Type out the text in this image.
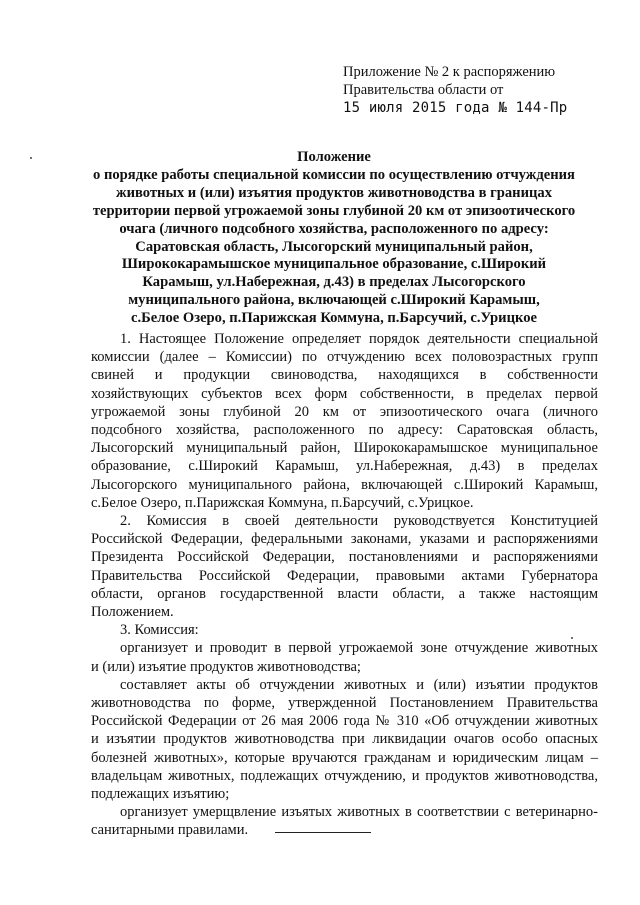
Приложение № 2 к распоряжению
Правительства области от
15 июля 2015 года № 144-Пр
Положение
о порядке работы специальной комиссии по осуществлению отчуждения
животных и (или) изъятия продуктов животноводства в границах
территории первой угрожаемой зоны глубиной 20 км от эпизоотического
очага (личного подсобного хозяйства, расположенного по адресу:
Саратовская область, Лысогорский муниципальный район,
Ширококарамышское муниципальное образование, с.Широкий
Карамыш, ул.Набережная, д.43) в пределах Лысогорского
муниципального района, включающей с.Широкий Карамыш,
с.Белое Озеро, п.Парижская Коммуна, п.Барсучий, с.Урицкое
1. Настоящее Положение определяет порядок деятельности специальной
комиссии (далее – Комиссии) по отчуждению всех половозрастных групп
свиней и продукции свиноводства, находящихся в собственности
хозяйствующих субъектов всех форм собственности, в пределах первой
угрожаемой зоны глубиной 20 км от эпизоотического очага (личного
подсобного хозяйства, расположенного по адресу: Саратовская область,
Лысогорский муниципальный район, Ширококарамышское муниципальное
образование, с.Широкий Карамыш, ул.Набережная, д.43) в пределах
Лысогорского муниципального района, включающей с.Широкий Карамыш,
с.Белое Озеро, п.Парижская Коммуна, п.Барсучий, с.Урицкое.
2. Комиссия в своей деятельности руководствуется Конституцией
Российской Федерации, федеральными законами, указами и распоряжениями
Президента Российской Федерации, постановлениями и распоряжениями
Правительства Российской Федерации, правовыми актами Губернатора
области, органов государственной власти области, а также настоящим
Положением.
3. Комиссия:
организует и проводит в первой угрожаемой зоне отчуждение животных
и (или) изъятие продуктов животноводства;
составляет акты об отчуждении животных и (или) изъятии продуктов
животноводства по форме, утвержденной Постановлением Правительства
Российской Федерации от 26 мая 2006 года № 310 «Об отчуждении животных
и изъятии продуктов животноводства при ликвидации очагов особо опасных
болезней животных», которые вручаются гражданам и юридическим лицам –
владельцам животных, подлежащих отчуждению, и продуктов животноводства,
подлежащих изъятию;
организует умерщвление изъятых животных в соответствии с ветеринарно-
санитарными правилами.
